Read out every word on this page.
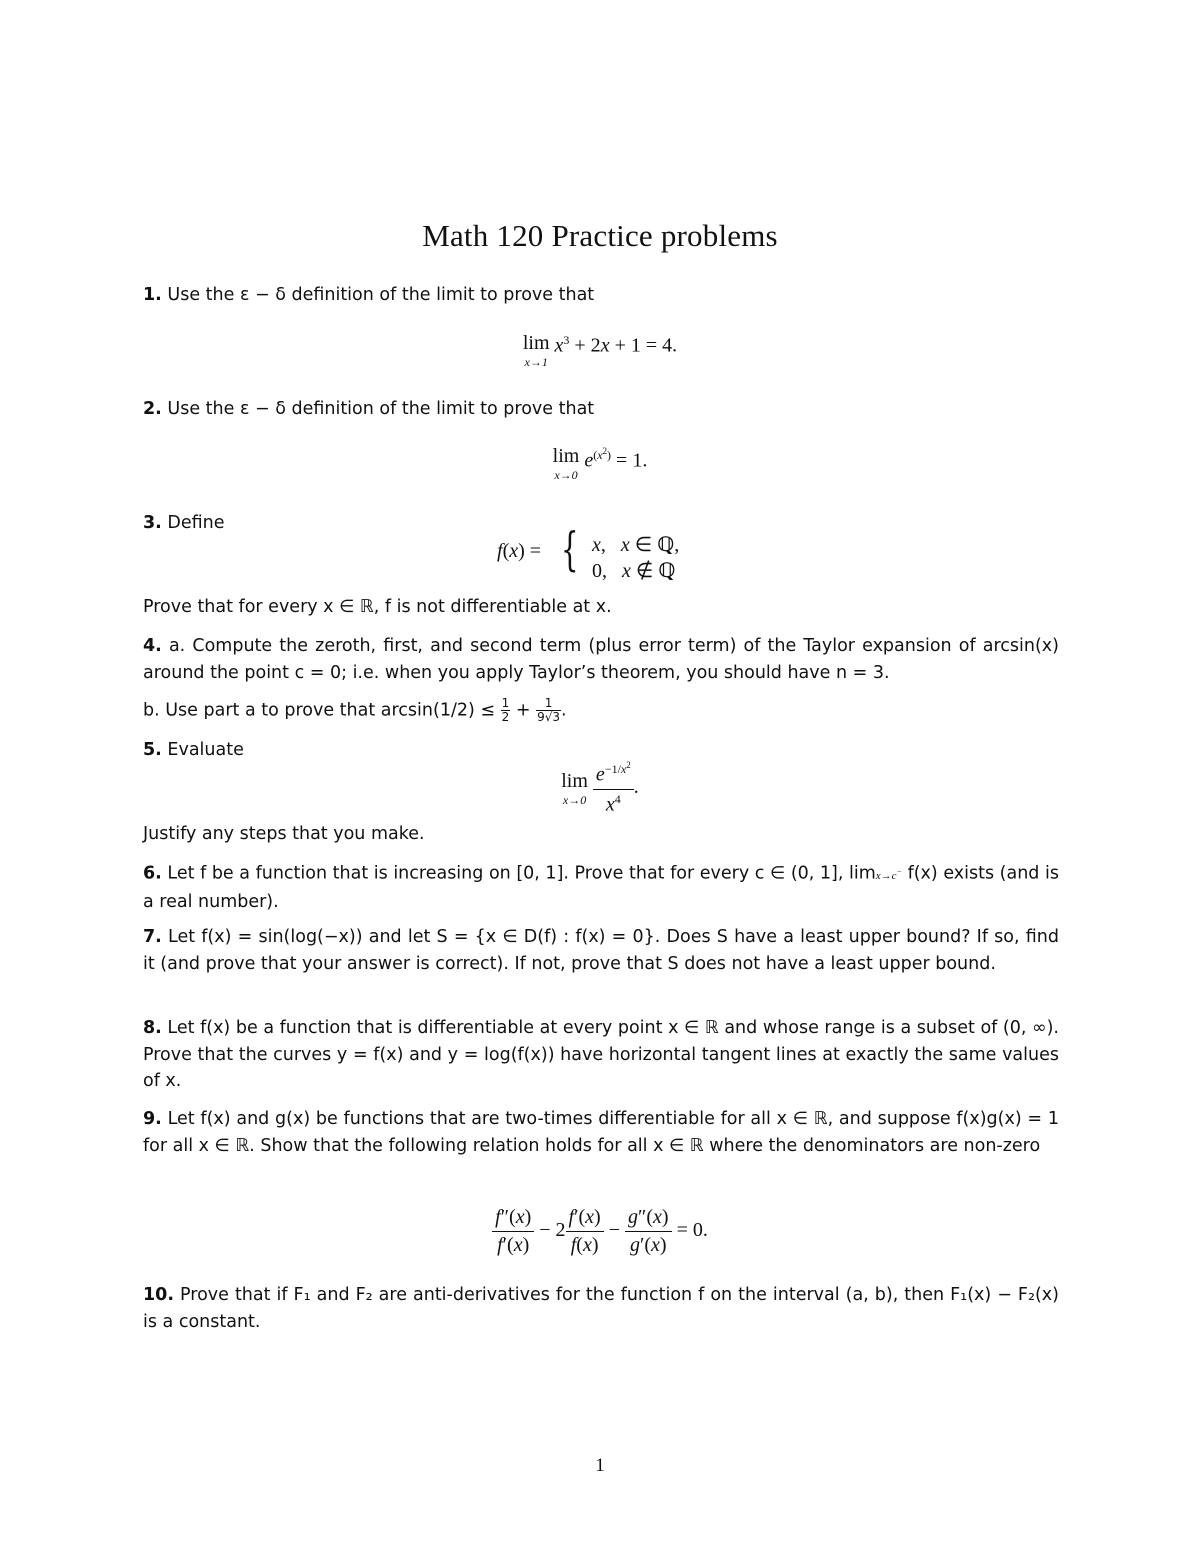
Math 120 Practice problems
1. Use the ε − δ definition of the limit to prove that
lim
x→1
$x^3 + 2x + 1 = 4$.
2. Use the ε − δ definition of the limit to prove that
lim
x→0
$e^{(x^2)} = 1$.
3. Define
f(x) = { x,   x ∈ ℚ,
0,   x ∉ ℚ
Prove that for every x ∈ ℝ, f is not differentiable at x.
4. a. Compute the zeroth, first, and second term (plus error term) of the Taylor expansion of arcsin(x) around the point c = 0; i.e. when you apply Taylor’s theorem, you should have n = 3.
b. Use part a to prove that $\arcsin(1/2) \le \frac{1}{2} + \frac{1}{9√3}$ .
5. Evaluate
lim
x→0
$\frac{e^{-1/x^2}}{x^4}$ .
Justify any steps that you make.
6. Let f be a function that is increasing on [0, 1]. Prove that for every c ∈ (0, 1], limx→c− f(x) exists (and is a real number).
7. Let f(x) = sin(log(−x)) and let S = {x ∈ D(f) : f(x) = 0}. Does S have a least upper bound? If so, find it (and prove that your answer is correct). If not, prove that S does not have a least upper bound.
8. Let f(x) be a function that is differentiable at every point x ∈ ℝ and whose range is a subset of (0, ∞). Prove that the curves y = f(x) and y = log(f(x)) have horizontal tangent lines at exactly the same values of x.
9. Let f(x) and g(x) be functions that are two-times differentiable for all x ∈ ℝ, and suppose f(x)g(x) = 1 for all x ∈ ℝ. Show that the following relation holds for all x ∈ ℝ where the denominators are non-zero
$\frac{f''(x)}{f'(x)} - 2 \frac{f'(x)}{f(x)} - \frac{g''(x)}{g'(x)} = 0$.
10. Prove that if F₁ and F₂ are anti-derivatives for the function f on the interval (a, b), then F₁(x) − F₂(x) is a constant.
1
